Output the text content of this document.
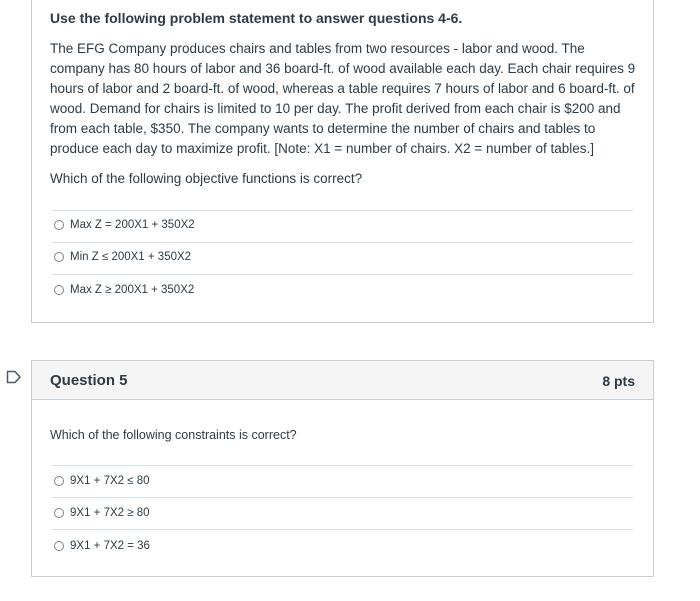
Use the following problem statement to answer questions 4-6.

The EFG Company produces chairs and tables from two resources - labor and wood. The company has 80 hours of labor and 36 board-ft. of wood available each day. Each chair requires 9 hours of labor and 2 board-ft. of wood, whereas a table requires 7 hours of labor and 6 board-ft. of wood. Demand for chairs is limited to 10 per day. The profit derived from each chair is $200 and from each table, $350. The company wants to determine the number of chairs and tables to produce each day to maximize profit. [Note: X1 = number of chairs. X2 = number of tables.]

Which of the following objective functions is correct?

Max Z = 200X1 + 350X2
Min Z ≤ 200X1 + 350X2
Max Z ≥ 200X1 + 350X2
Question 5	8 pts

Which of the following constraints is correct?

9X1 + 7X2 ≤ 80
9X1 + 7X2 ≥ 80
9X1 + 7X2 = 36
